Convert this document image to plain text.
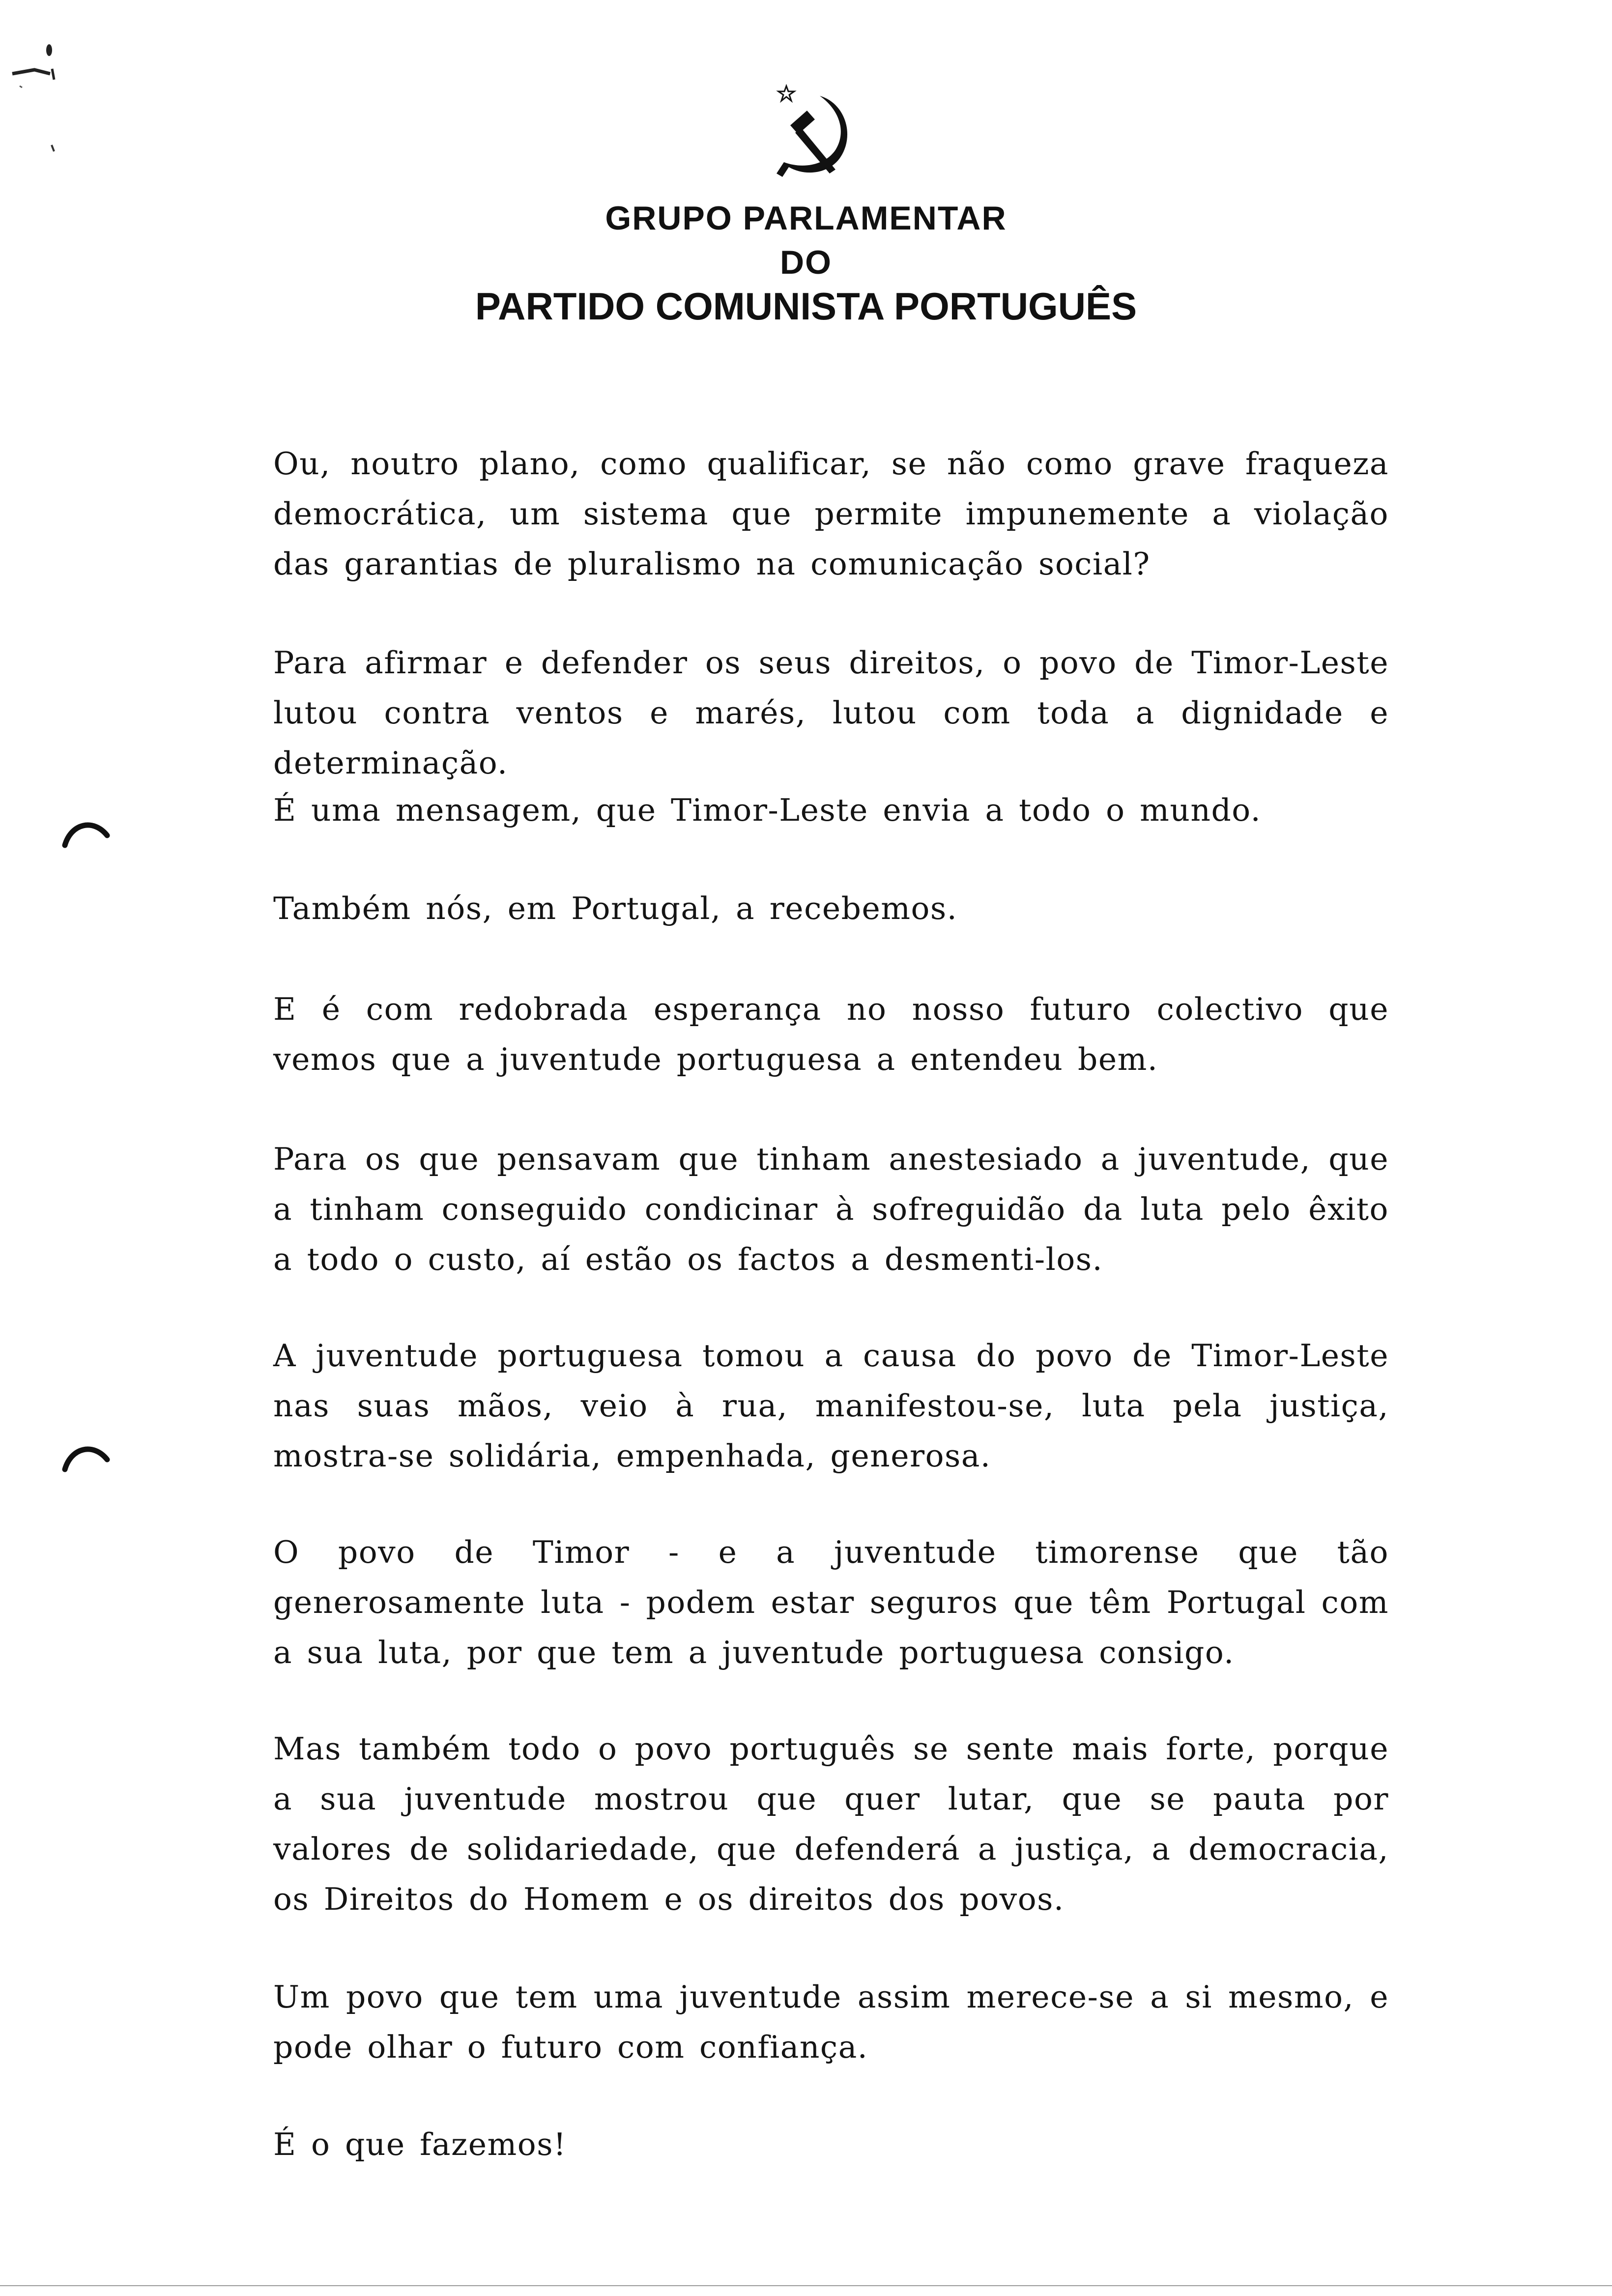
GRUPO PARLAMENTAR
DO
PARTIDO COMUNISTA PORTUGUÊS

Ou, noutro plano, como qualificar, se não como grave fraqueza democrática, um sistema que permite impunemente a violação das garantias de pluralismo na comunicação social?

Para afirmar e defender os seus direitos, o povo de Timor-Leste lutou contra ventos e marés, lutou com toda a dignidade e determinação.

É uma mensagem, que Timor-Leste envia a todo o mundo.

Também nós, em Portugal, a recebemos.

E é com redobrada esperança no nosso futuro colectivo que vemos que a juventude portuguesa a entendeu bem.

Para os que pensavam que tinham anestesiado a juventude, que a tinham conseguido condicinar à sofreguidão da luta pelo êxito a todo o custo, aí estão os factos a desmenti-los.

A juventude portuguesa tomou a causa do povo de Timor-Leste nas suas mãos, veio à rua, manifestou-se, luta pela justiça, mostra-se solidária, empenhada, generosa.

O povo de Timor - e a juventude timorense que tão generosamente luta - podem estar seguros que têm Portugal com a sua luta, por que tem a juventude portuguesa consigo.

Mas também todo o povo português se sente mais forte, porque a sua juventude mostrou que quer lutar, que se pauta por valores de solidariedade, que defenderá a justiça, a democracia, os Direitos do Homem e os direitos dos povos.

Um povo que tem uma juventude assim merece-se a si mesmo, e pode olhar o futuro com confiança.

É o que fazemos!
